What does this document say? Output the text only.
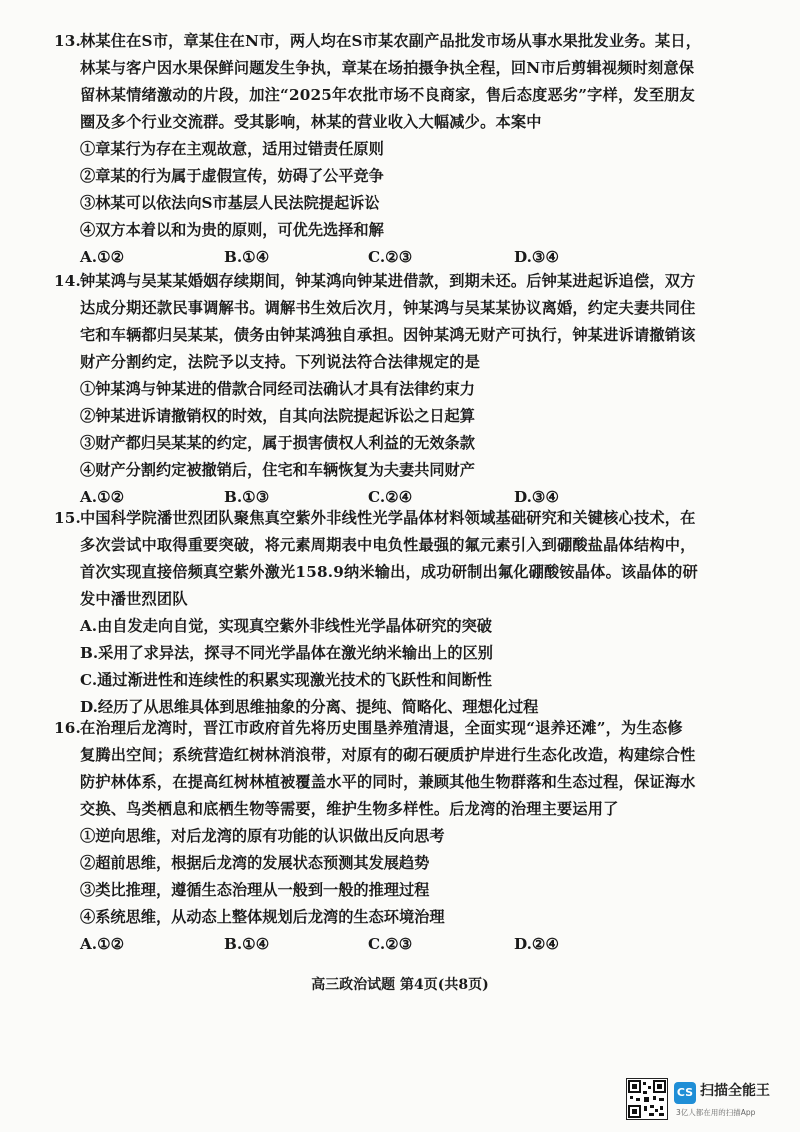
13.林某住在S市，章某住在N市，两人均在S市某农副产品批发市场从事水果批发业务。某日，
林某与客户因水果保鲜问题发生争执，章某在场拍摄争执全程，回N市后剪辑视频时刻意保
留林某情绪激动的片段，加注“2025年农批市场不良商家，售后态度恶劣”字样，发至朋友
圈及多个行业交流群。受其影响，林某的营业收入大幅减少。本案中
①章某行为存在主观故意，适用过错责任原则
②章某的行为属于虚假宣传，妨碍了公平竞争
③林某可以依法向S市基层人民法院提起诉讼
④双方本着以和为贵的原则，可优先选择和解
A.①②	B.①④	C.②③	D.③④
14.钟某鸿与吴某某婚姻存续期间，钟某鸿向钟某进借款，到期未还。后钟某进起诉追偿，双方
达成分期还款民事调解书。调解书生效后次月，钟某鸿与吴某某协议离婚，约定夫妻共同住
宅和车辆都归吴某某，债务由钟某鸿独自承担。因钟某鸿无财产可执行，钟某进诉请撤销该
财产分割约定，法院予以支持。下列说法符合法律规定的是
①钟某鸿与钟某进的借款合同经司法确认才具有法律约束力
②钟某进诉请撤销权的时效，自其向法院提起诉讼之日起算
③财产都归吴某某的约定，属于损害债权人利益的无效条款
④财产分割约定被撤销后，住宅和车辆恢复为夫妻共同财产
A.①②	B.①③	C.②④	D.③④
15.中国科学院潘世烈团队聚焦真空紫外非线性光学晶体材料领域基础研究和关键核心技术，在
多次尝试中取得重要突破，将元素周期表中电负性最强的氟元素引入到硼酸盐晶体结构中，
首次实现直接倍频真空紫外激光158.9纳米输出，成功研制出氟化硼酸铵晶体。该晶体的研
发中潘世烈团队
A.由自发走向自觉，实现真空紫外非线性光学晶体研究的突破
B.采用了求异法，探寻不同光学晶体在激光纳米输出上的区别
C.通过渐进性和连续性的积累实现激光技术的飞跃性和间断性
D.经历了从思维具体到思维抽象的分离、提纯、简略化、理想化过程
16.在治理后龙湾时，晋江市政府首先将历史围垦养殖清退，全面实现“退养还滩”，为生态修
复腾出空间；系统营造红树林消浪带，对原有的砌石硬质护岸进行生态化改造，构建综合性
防护林体系，在提高红树林植被覆盖水平的同时，兼顾其他生物群落和生态过程，保证海水
交换、鸟类栖息和底栖生物等需要，维护生物多样性。后龙湾的治理主要运用了
①逆向思维，对后龙湾的原有功能的认识做出反向思考
②超前思维，根据后龙湾的发展状态预测其发展趋势
③类比推理，遵循生态治理从一般到一般的推理过程
④系统思维，从动态上整体规划后龙湾的生态环境治理
A.①②	B.①④	C.②③	D.②④
高三政治试题 第4页(共8页)
CS 扫描全能王
3亿人都在用的扫描App
